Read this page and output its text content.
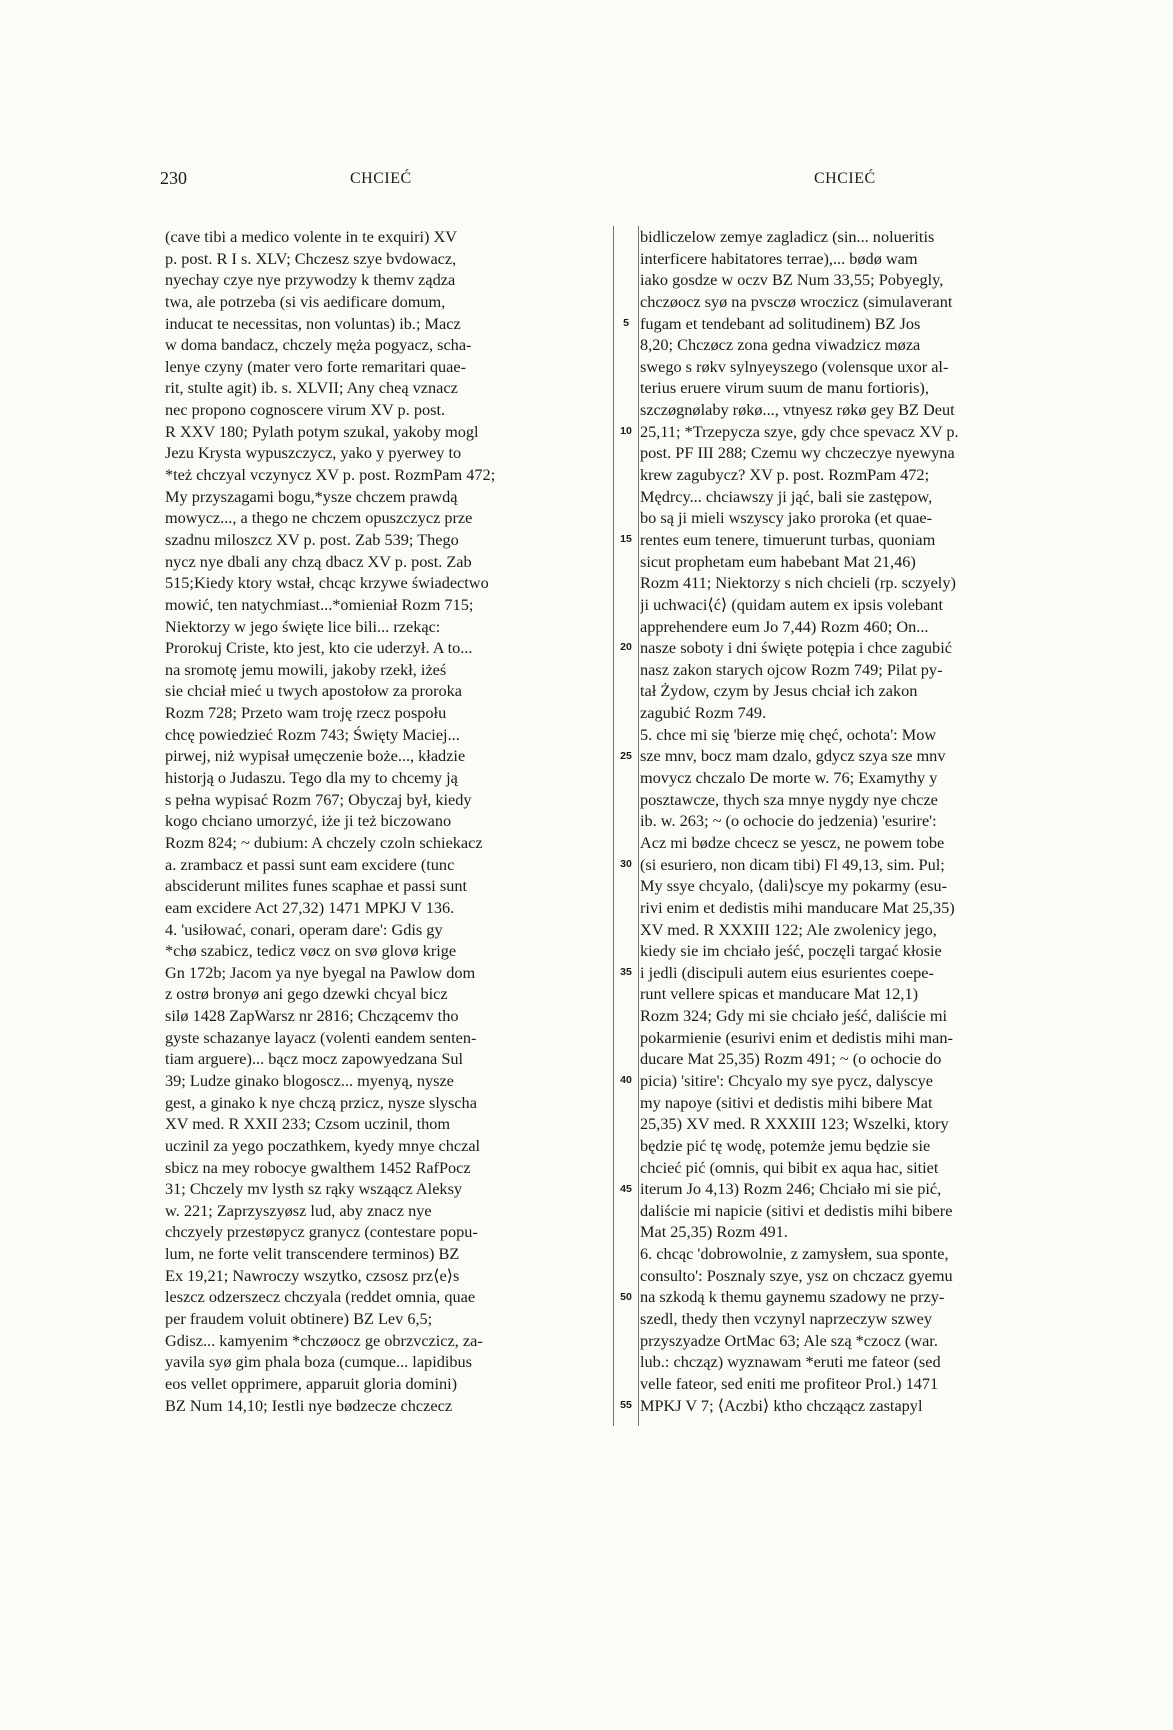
230	CHCIEĆ	CHCIEĆ
(cave tibi a medico volente in te exquiri) XV
p. post. R I s. XLV; Chczesz szye bvdowacz,
nyechay czye nye przywodzy k themv ządza
twa, ale potrzeba (si vis aedificare domum,
inducat te necessitas, non voluntas) ib.; Macz
w doma bandacz, chczely męża pogyacz, scha-
lenye czyny (mater vero forte remaritari quae-
rit, stulte agit) ib. s. XLVII; Any cheą vznacz
nec propono cognoscere virum XV p. post.
R XXV 180; Pylath potym szukal, yakoby mogl
Jezu Krysta wypuszczycz, yako y pyerwey to
*też chczyal vczynycz XV p. post. RozmPam 472;
My przyszagami bogu,*ysze chczem prawdą
mowycz..., a thego ne chczem opuszczycz prze
szadnu miloszcz XV p. post. Zab 539; Thego
nycz nye dbali any chzą dbacz XV p. post. Zab
515;Kiedy ktory wstał, chcąc krzywe świadectwo
mowić, ten natychmiast...*omieniał Rozm 715;
Niektorzy w jego święte lice bili... rzekąc:
Prorokuj Criste, kto jest, kto cie uderzył. A to...
na sromotę jemu mowili, jakoby rzekł, iżeś
sie chciał mieć u twych apostołow za proroka
Rozm 728; Przeto wam troję rzecz pospołu
chcę powiedzieć Rozm 743; Święty Maciej...
pirwej, niż wypisał umęczenie boże..., kładzie
historją o Judaszu. Tego dla my to chcemy ją
s pełna wypisać Rozm 767; Obyczaj był, kiedy
kogo chciano umorzyć, iże ji też biczowano
Rozm 824; ~ dubium: A chczely czoln schiekacz
a. zrambacz et passi sunt eam excidere (tunc
absciderunt milites funes scaphae et passi sunt
eam excidere Act 27,32) 1471 MPKJ V 136.
4. 'usiłować, conari, operam dare': Gdis gy
*chø szabicz, tedicz vøcz on svø glovø krige
Gn 172b; Jacom ya nye byegal na Pawlow dom
z ostrø bronyø ani gego dzewki chcyal bicz
silø 1428 ZapWarsz nr 2816; Chczącemv tho
gyste schazanye layacz (volenti eandem senten-
tiam arguere)... bącz mocz zapowyedzana Sul
39; Ludze ginako blogoscz... myenyą, nysze
gest, a ginako k nye chczą przicz, nysze slyscha
XV med. R XXII 233; Czsom uczinil, thom
uczinil za yego poczathkem, kyedy mnye chczal
sbicz na mey robocye gwalthem 1452 RafPocz
31; Chczely mv lysth sz rąky wsząącz Aleksy
w. 221; Zaprzyszyøsz lud, aby znacz nye
chczyely przestøpycz granycz (contestare popu-
lum, ne forte velit transcendere terminos) BZ
Ex 19,21; Nawroczy wszytko, czsosz prz⟨e⟩s
leszcz odzerszecz chczyala (reddet omnia, quae
per fraudem voluit obtinere) BZ Lev 6,5;
Gdisz... kamyenim *chczøocz ge obrzvczicz, za-
yavila syø gim phala boza (cumque... lapidibus
eos vellet opprimere, apparuit gloria domini)
BZ Num 14,10; Iestli nye bødzecze chczecz
5
10
15
20
25
30
35
40
45
50
55
bidliczelow zemye zagladicz (sin... nolueritis
interficere habitatores terrae),... bødø wam
iako gosdze w oczv BZ Num 33,55; Pobyegly,
chczøocz syø na pvsczø wroczicz (simulaverant
fugam et tendebant ad solitudinem) BZ Jos
8,20; Chczøcz zona gedna viwadzicz møza
swego s røkv sylnyeyszego (volensque uxor al-
terius eruere virum suum de manu fortioris),
szczøgnølaby røkø..., vtnyesz røkø gey BZ Deut
25,11; *Trzepycza szye, gdy chce spevacz XV p.
post. PF III 288; Czemu wy chczeczye nyewyna
krew zagubycz? XV p. post. RozmPam 472;
Mędrcy... chciawszy ji jąć, bali sie zastępow,
bo są ji mieli wszyscy jako proroka (et quae-
rentes eum tenere, timuerunt turbas, quoniam
sicut prophetam eum habebant Mat 21,46)
Rozm 411; Niektorzy s nich chcieli (rp. sczyely)
ji uchwaci⟨ć⟩ (quidam autem ex ipsis volebant
apprehendere eum Jo 7,44) Rozm 460; On...
nasze soboty i dni święte potępia i chce zagubić
nasz zakon starych ojcow Rozm 749; Pilat py-
tał Żydow, czym by Jesus chciał ich zakon
zagubić Rozm 749.
5. chce mi się 'bierze mię chęć, ochota': Mow
sze mnv, bocz mam dzalo, gdycz szya sze mnv
movycz chczalo De morte w. 76; Examythy y
posztawcze, thych sza mnye nygdy nye chcze
ib. w. 263; ~ (o ochocie do jedzenia) 'esurire':
Acz mi bødze chceсz se yescz, ne powem tobe
(si esuriero, non dicam tibi) Fl 49,13, sim. Pul;
My ssye chcyalo, ⟨dali⟩scye my pokarmy (esu-
rivi enim et dedistis mihi manducare Mat 25,35)
XV med. R XXXIII 122; Ale zwolenicy jego,
kiedy sie im chciało jeść, poczęli targać kłosie
i jedli (discipuli autem eius esurientes coepe-
runt vellere spicas et manducare Mat 12,1)
Rozm 324; Gdy mi sie chciało jeść, daliście mi
pokarmienie (esurivi enim et dedistis mihi man-
ducare Mat 25,35) Rozm 491; ~ (o ochocie do
picia) 'sitire': Chcyalo my sye pycz, dalyscye
my napoye (sitivi et dedistis mihi bibere Mat
25,35) XV med. R XXXIII 123; Wszelki, ktory
będzie pić tę wodę, potemże jemu będzie sie
chcieć pić (omnis, qui bibit ex aqua hac, sitiet
iterum Jo 4,13) Rozm 246; Chciało mi sie pić,
daliście mi napicie (sitivi et dedistis mihi bibere
Mat 25,35) Rozm 491.
6. chcąc 'dobrowolnie, z zamysłem, sua sponte,
consulto': Posznaly szye, ysz on chczacz gyemu
na szkodą k themu gaynemu szadowy ne przy-
szedl, thedy then vczynyl naprzeczyw szwey
przyszyadze OrtMac 63; Ale szą *czocz (war.
lub.: chcząz) wyznawam *eruti me fateor (sed
velle fateor, sed eniti me profiteor Prol.) 1471
MPKJ V 7; ⟨Aczbi⟩ ktho chcząącz zastapyl
